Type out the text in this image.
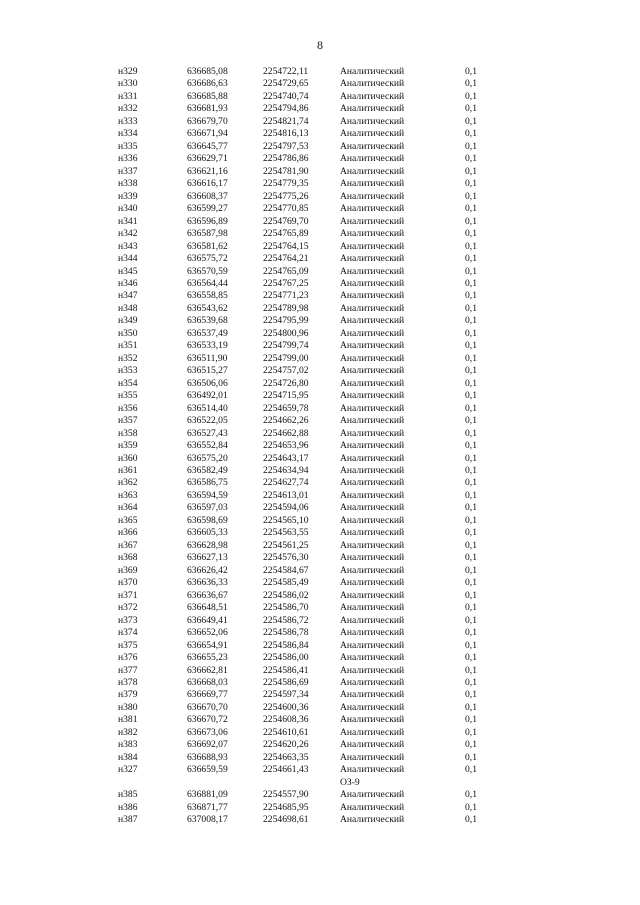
8
н329	636685,08	2254722,11	Аналитический	0,1
н330	636686,63	2254729,65	Аналитический	0,1
н331	636685,88	2254740,74	Аналитический	0,1
н332	636681,93	2254794,86	Аналитический	0,1
н333	636679,70	2254821,74	Аналитический	0,1
н334	636671,94	2254816,13	Аналитический	0,1
н335	636645,77	2254797,53	Аналитический	0,1
н336	636629,71	2254786,86	Аналитический	0,1
н337	636621,16	2254781,90	Аналитический	0,1
н338	636616,17	2254779,35	Аналитический	0,1
н339	636608,37	2254775,26	Аналитический	0,1
н340	636599,27	2254770,85	Аналитический	0,1
н341	636596,89	2254769,70	Аналитический	0,1
н342	636587,98	2254765,89	Аналитический	0,1
н343	636581,62	2254764,15	Аналитический	0,1
н344	636575,72	2254764,21	Аналитический	0,1
н345	636570,59	2254765,09	Аналитический	0,1
н346	636564,44	2254767,25	Аналитический	0,1
н347	636558,85	2254771,23	Аналитический	0,1
н348	636543,62	2254789,98	Аналитический	0,1
н349	636539,68	2254795,99	Аналитический	0,1
н350	636537,49	2254800,96	Аналитический	0,1
н351	636533,19	2254799,74	Аналитический	0,1
н352	636511,90	2254799,00	Аналитический	0,1
н353	636515,27	2254757,02	Аналитический	0,1
н354	636506,06	2254726,80	Аналитический	0,1
н355	636492,01	2254715,95	Аналитический	0,1
н356	636514,40	2254659,78	Аналитический	0,1
н357	636522,05	2254662,26	Аналитический	0,1
н358	636527,43	2254662,88	Аналитический	0,1
н359	636552,84	2254653,96	Аналитический	0,1
н360	636575,20	2254643,17	Аналитический	0,1
н361	636582,49	2254634,94	Аналитический	0,1
н362	636586,75	2254627,74	Аналитический	0,1
н363	636594,59	2254613,01	Аналитический	0,1
н364	636597,03	2254594,06	Аналитический	0,1
н365	636598,69	2254565,10	Аналитический	0,1
н366	636605,33	2254563,55	Аналитический	0,1
н367	636628,98	2254561,25	Аналитический	0,1
н368	636627,13	2254576,30	Аналитический	0,1
н369	636626,42	2254584,67	Аналитический	0,1
н370	636636,33	2254585,49	Аналитический	0,1
н371	636636,67	2254586,02	Аналитический	0,1
н372	636648,51	2254586,70	Аналитический	0,1
н373	636649,41	2254586,72	Аналитический	0,1
н374	636652,06	2254586,78	Аналитический	0,1
н375	636654,91	2254586,84	Аналитический	0,1
н376	636655,23	2254586,00	Аналитический	0,1
н377	636662,81	2254586,41	Аналитический	0,1
н378	636668,03	2254586,69	Аналитический	0,1
н379	636669,77	2254597,34	Аналитический	0,1
н380	636670,70	2254600,36	Аналитический	0,1
н381	636670,72	2254608,36	Аналитический	0,1
н382	636673,06	2254610,61	Аналитический	0,1
н383	636692,07	2254620,26	Аналитический	0,1
н384	636688,93	2254663,35	Аналитический	0,1
н327	636659,59	2254661,43	Аналитический	0,1
ОЗ-9
н385	636881,09	2254557,90	Аналитический	0,1
н386	636871,77	2254685,95	Аналитический	0,1
н387	637008,17	2254698,61	Аналитический	0,1
